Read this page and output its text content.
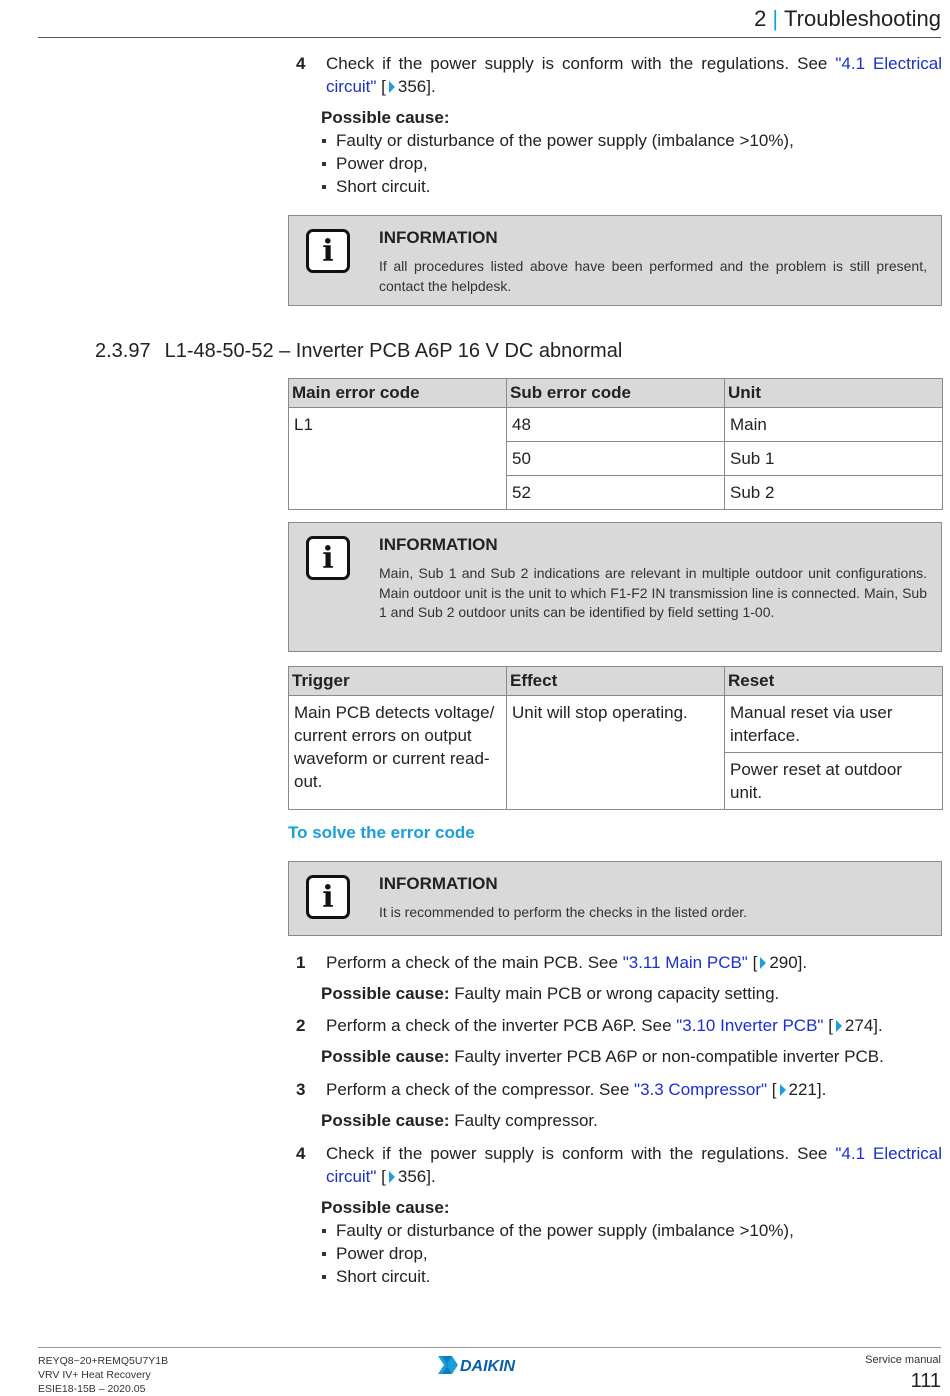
2 | Troubleshooting
4 Check if the power supply is conform with the regulations. See "4.1 Electrical circuit" [ 356].
Possible cause:
Faulty or disturbance of the power supply (imbalance >10%),
Power drop,
Short circuit.
i	INFORMATION
If all procedures listed above have been performed and the problem is still present, contact the helpdesk.
2.3.97 L1-48-50-52 – Inverter PCB A6P 16 V DC abnormal
Main error code	Sub error code	Unit
L1	48	Main
	50	Sub 1
	52	Sub 2
i	INFORMATION
Main, Sub 1 and Sub 2 indications are relevant in multiple outdoor unit configurations. Main outdoor unit is the unit to which F1-F2 IN transmission line is connected. Main, Sub 1 and Sub 2 outdoor units can be identified by field setting 1-00.
Trigger	Effect	Reset
Main PCB detects voltage/ current errors on output waveform or current read-out.	Unit will stop operating.	Manual reset via user interface.
		Power reset at outdoor unit.
To solve the error code
i	INFORMATION
It is recommended to perform the checks in the listed order.
1 Perform a check of the main PCB. See "3.11 Main PCB" [ 290].
Possible cause: Faulty main PCB or wrong capacity setting.
2 Perform a check of the inverter PCB A6P. See "3.10 Inverter PCB" [ 274].
Possible cause: Faulty inverter PCB A6P or non-compatible inverter PCB.
3 Perform a check of the compressor. See "3.3 Compressor" [ 221].
Possible cause: Faulty compressor.
4 Check if the power supply is conform with the regulations. See "4.1 Electrical circuit" [ 356].
Possible cause:
Faulty or disturbance of the power supply (imbalance >10%),
Power drop,
Short circuit.
REYQ8~20+REMQ5U7Y1B
VRV IV+ Heat Recovery
ESIE18-15B – 2020.05
DAIKIN	Service manual
111
